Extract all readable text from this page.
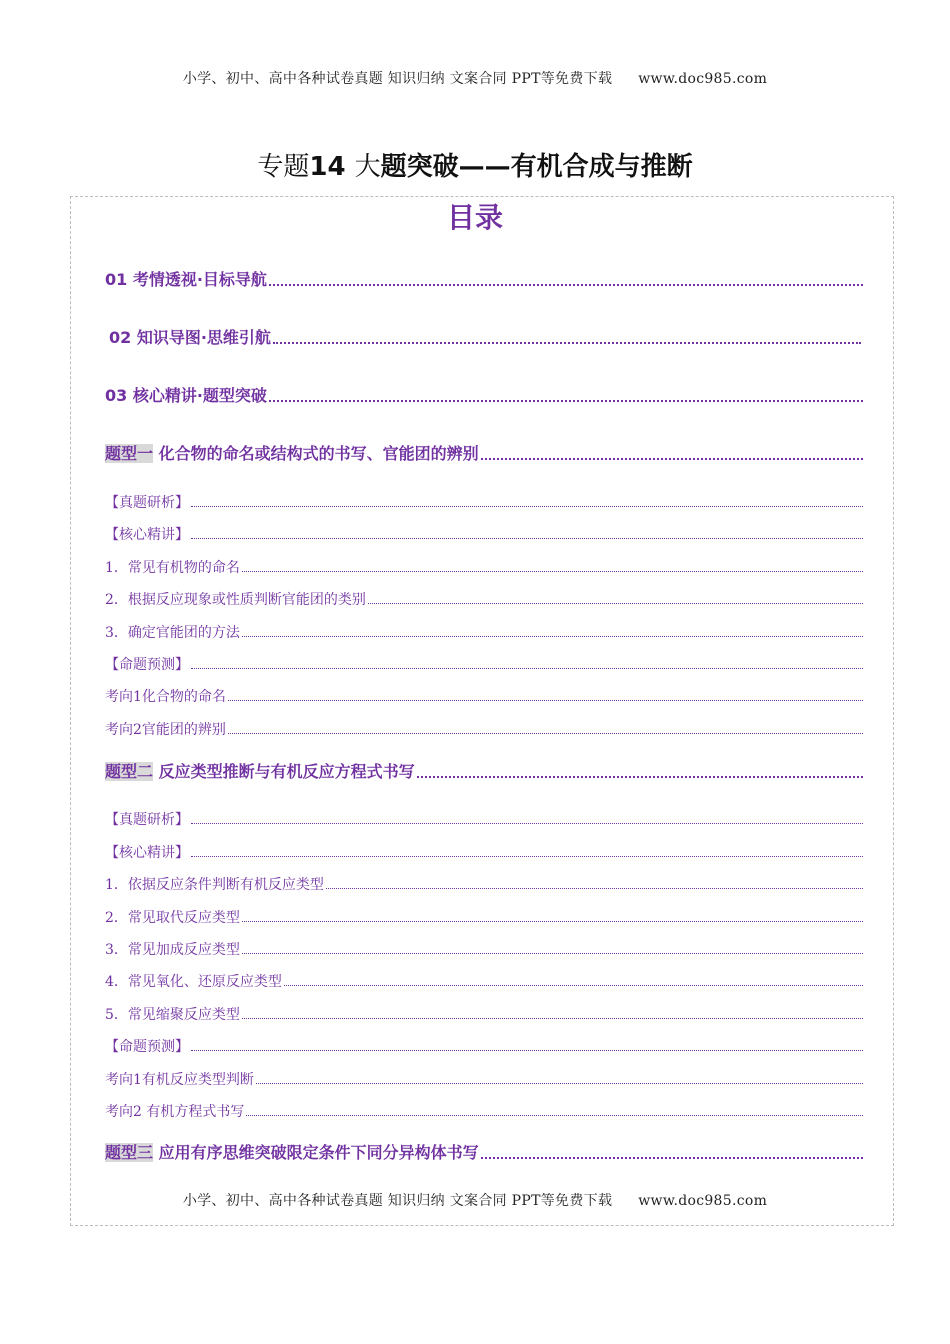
小学、初中、高中各种试卷真题 知识归纳 文案合同 PPT等免费下载 www.doc985.com
专题14 大题突破——有机合成与推断
目录
01 考情透视·目标导航
02 知识导图·思维引航
03 核心精讲·题型突破
题型一 化合物的命名或结构式的书写、官能团的辨别
【真题研析】
【核心精讲】
1．常见有机物的命名
2．根据反应现象或性质判断官能团的类别
3．确定官能团的方法
【命题预测】
考向1化合物的命名
考向2官能团的辨别
题型二 反应类型推断与有机反应方程式书写
【真题研析】
【核心精讲】
1．依据反应条件判断有机反应类型
2．常见取代反应类型
3．常见加成反应类型
4．常见氧化、还原反应类型
5．常见缩聚反应类型
【命题预测】
考向1有机反应类型判断
考向2 有机方程式书写
题型三 应用有序思维突破限定条件下同分异构体书写
小学、初中、高中各种试卷真题 知识归纳 文案合同 PPT等免费下载 www.doc985.com
